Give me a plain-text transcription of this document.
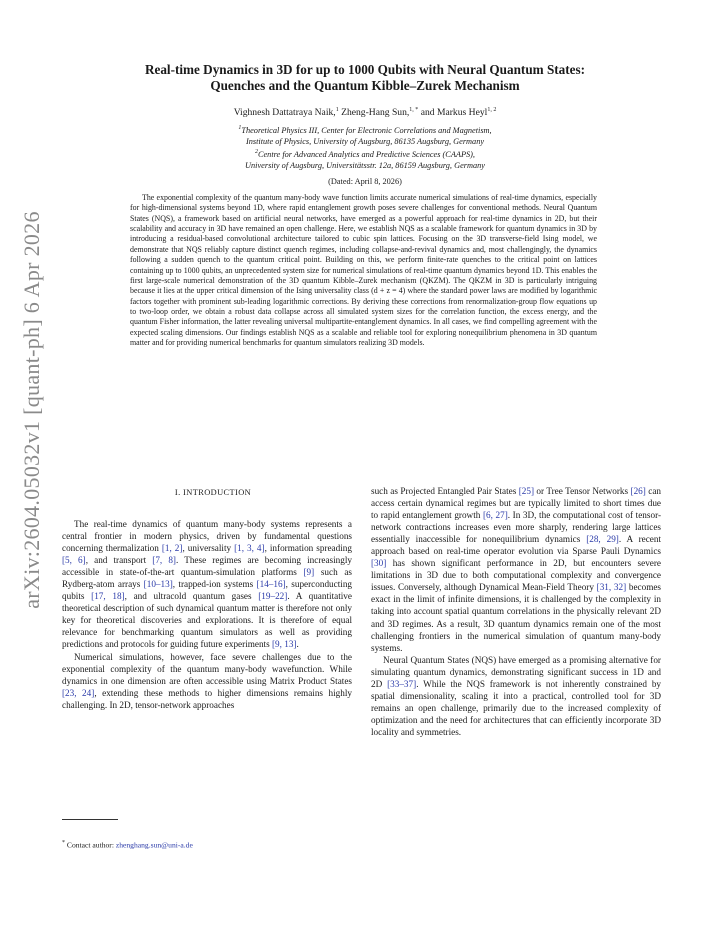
arXiv:2604.05032v1 [quant-ph] 6 Apr 2026
Real-time Dynamics in 3D for up to 1000 Qubits with Neural Quantum States:
Quenches and the Quantum Kibble–Zurek Mechanism
Vighnesh Dattatraya Naik,$^1$ Zheng-Hang Sun,$^{1, *}$ and Markus Heyl$^{1, 2}$
$^1$Theoretical Physics III, Center for Electronic Correlations and Magnetism,
Institute of Physics, University of Augsburg, 86135 Augsburg, Germany
$^2$Centre for Advanced Analytics and Predictive Sciences (CAAPS),
University of Augsburg, Universitätsstr. 12a, 86159 Augsburg, Germany
(Dated: April 8, 2026)

The exponential complexity of the quantum many-body wave function limits accurate numerical simulations of real-time dynamics, especially for high-dimensional systems beyond 1D, where rapid entanglement growth poses severe challenges for conventional methods. Neural Quantum States (NQS), a framework based on artificial neural networks, have emerged as a powerful approach for real-time dynamics in 2D, but their scalability and accuracy in 3D have remained an open challenge. Here, we establish NQS as a scalable framework for quantum dynamics in 3D by introducing a residual-based convolutional architecture tailored to cubic spin lattices. Focusing on the 3D transverse-field Ising model, we demonstrate that NQS reliably capture distinct quench regimes, including collapse-and-revival dynamics and, most challengingly, the dynamics following a sudden quench to the quantum critical point. Building on this, we perform finite-rate quenches to the critical point on lattices containing up to 1000 qubits, an unprecedented system size for numerical simulations of real-time quantum dynamics beyond 1D. This enables the first large-scale numerical demonstration of the 3D quantum Kibble–Zurek mechanism (QKZM). The QKZM in 3D is particularly intriguing because it lies at the upper critical dimension of the Ising universality class (d + z = 4) where the standard power laws are modified by logarithmic factors together with prominent sub-leading logarithmic corrections. By deriving these corrections from renormalization-group flow equations up to two-loop order, we obtain a robust data collapse across all simulated system sizes for the correlation function, the excess energy, and the quantum Fisher information, the latter revealing universal multipartite-entanglement dynamics. In all cases, we find compelling agreement with the expected scaling dimensions. Our findings establish NQS as a scalable and reliable tool for exploring nonequilibrium phenomena in 3D quantum matter and for providing numerical benchmarks for quantum simulators realizing 3D models.

I. INTRODUCTION

The real-time dynamics of quantum many-body systems represents a central frontier in modern physics, driven by fundamental questions concerning thermalization [1, 2], universality [1, 3, 4], information spreading [5, 6], and transport [7, 8]. These regimes are becoming increasingly accessible in state-of-the-art quantum-simulation platforms [9] such as Rydberg-atom arrays [10–13], trapped-ion systems [14–16], superconducting qubits [17, 18], and ultracold quantum gases [19–22]. A quantitative theoretical description of such dynamical quantum matter is therefore not only key for theoretical discoveries and explorations. It is therefore of equal relevance for benchmarking quantum simulators as well as providing predictions and protocols for guiding future experiments [9, 13].

Numerical simulations, however, face severe challenges due to the exponential complexity of the quantum many-body wavefunction. While dynamics in one dimension are often accessible using Matrix Product States [23, 24], extending these methods to higher dimensions remains highly challenging. In 2D, tensor-network approaches

such as Projected Entangled Pair States [25] or Tree Tensor Networks [26] can access certain dynamical regimes but are typically limited to short times due to rapid entanglement growth [6, 27]. In 3D, the computational cost of tensor-network contractions increases even more sharply, rendering large lattices essentially inaccessible for nonequilibrium dynamics [28, 29]. A recent approach based on real-time operator evolution via Sparse Pauli Dynamics [30] has shown significant performance in 2D, but encounters severe limitations in 3D due to both computational complexity and convergence issues. Conversely, although Dynamical Mean-Field Theory [31, 32] becomes exact in the limit of infinite dimensions, it is challenged by the complexity in taking into account spatial quantum correlations in the physically relevant 2D and 3D regimes. As a result, 3D quantum dynamics remain one of the most challenging frontiers in the numerical simulation of quantum many-body systems.

Neural Quantum States (NQS) have emerged as a promising alternative for simulating quantum dynamics, demonstrating significant success in 1D and 2D [33–37]. While the NQS framework is not inherently constrained by spatial dimensionality, scaling it into a practical, controlled tool for 3D remains an open challenge, primarily due to the increased complexity of optimization and the need for architectures that can efficiently incorporate 3D locality and symmetries.

* Contact author: zhenghang.sun@uni-a.de
